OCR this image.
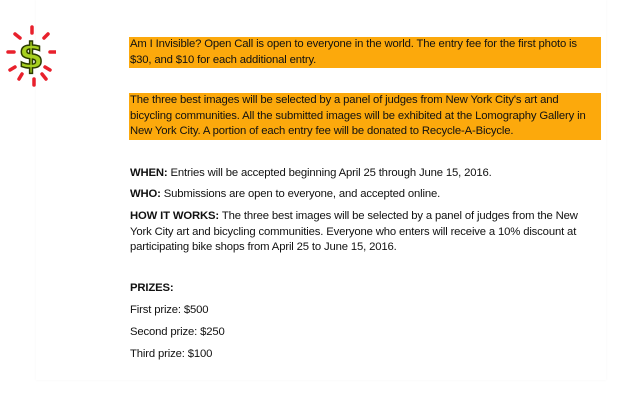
$	Am I Invisible? Open Call is open to everyone in the world. The entry fee for the first photo is
$30, and $10 for each additional entry.
The three best images will be selected by a panel of judges from New York City's art and
bicycling communities. All the submitted images will be exhibited at the Lomography Gallery in
New York City. A portion of each entry fee will be donated to Recycle-A-Bicycle.
WHEN: Entries will be accepted beginning April 25 through June 15, 2016.
WHO: Submissions are open to everyone, and accepted online.
HOW IT WORKS: The three best images will be selected by a panel of judges from the New
York City art and bicycling communities. Everyone who enters will receive a 10% discount at
participating bike shops from April 25 to June 15, 2016.
PRIZES:
First prize: $500
Second prize: $250
Third prize: $100
